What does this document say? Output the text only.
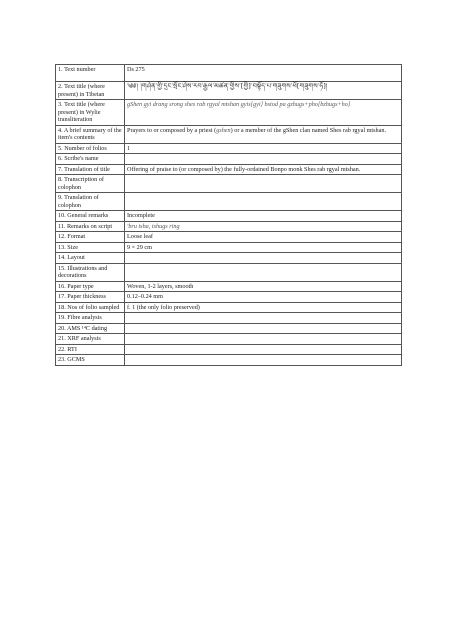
1. Text number	Ds 275
2. Text title (where present) in Tibetan	༄༅། །གཤེན་གྱི་དྲང་སྲོང་ཤེས་རབ་རྒྱལ་མཚན་གྱིས་[གྱི]་བསྟོད་པ་གཟུགས་ཕོ[གཟུགས་ཧོ]།
3. Text title (where present) in Wylie transliteration	gShen gyi drang srong shes rab rgyal mtshan gyis[gyi] bstod pa gzhugs+pho[bzhugs+ho]
4. A brief summary of the item's contents	Prayers to or composed by a priest (gshen) or a member of the gShen clan named Shes rab rgyal mtshan.
5. Number of folios	1
6. Scribe's name	
7. Translation of title	Offering of praise to (or composed by) the fully-ordained Bonpo monk Shes rab rgyal mtshan.
8. Transcription of colophon	
9. Translation of colophon	
10. General remarks	Incomplete
11. Remarks on script	'bru tsha, tshugs ring
12. Format	Loose leaf
13. Size	9 × 29 cm
14. Layout	
15. Illustrations and decorations	
16. Paper type	Woven, 1-2 layers, smooth
17. Paper thickness	0.12–0.24 mm
18. Nos of folio sampled	f. 1 (the only folio preserved)
19. Fibre analysis	
20. AMS ¹⁴C dating	
21. XRF analysis	
22. RTI	
23. GCMS	
